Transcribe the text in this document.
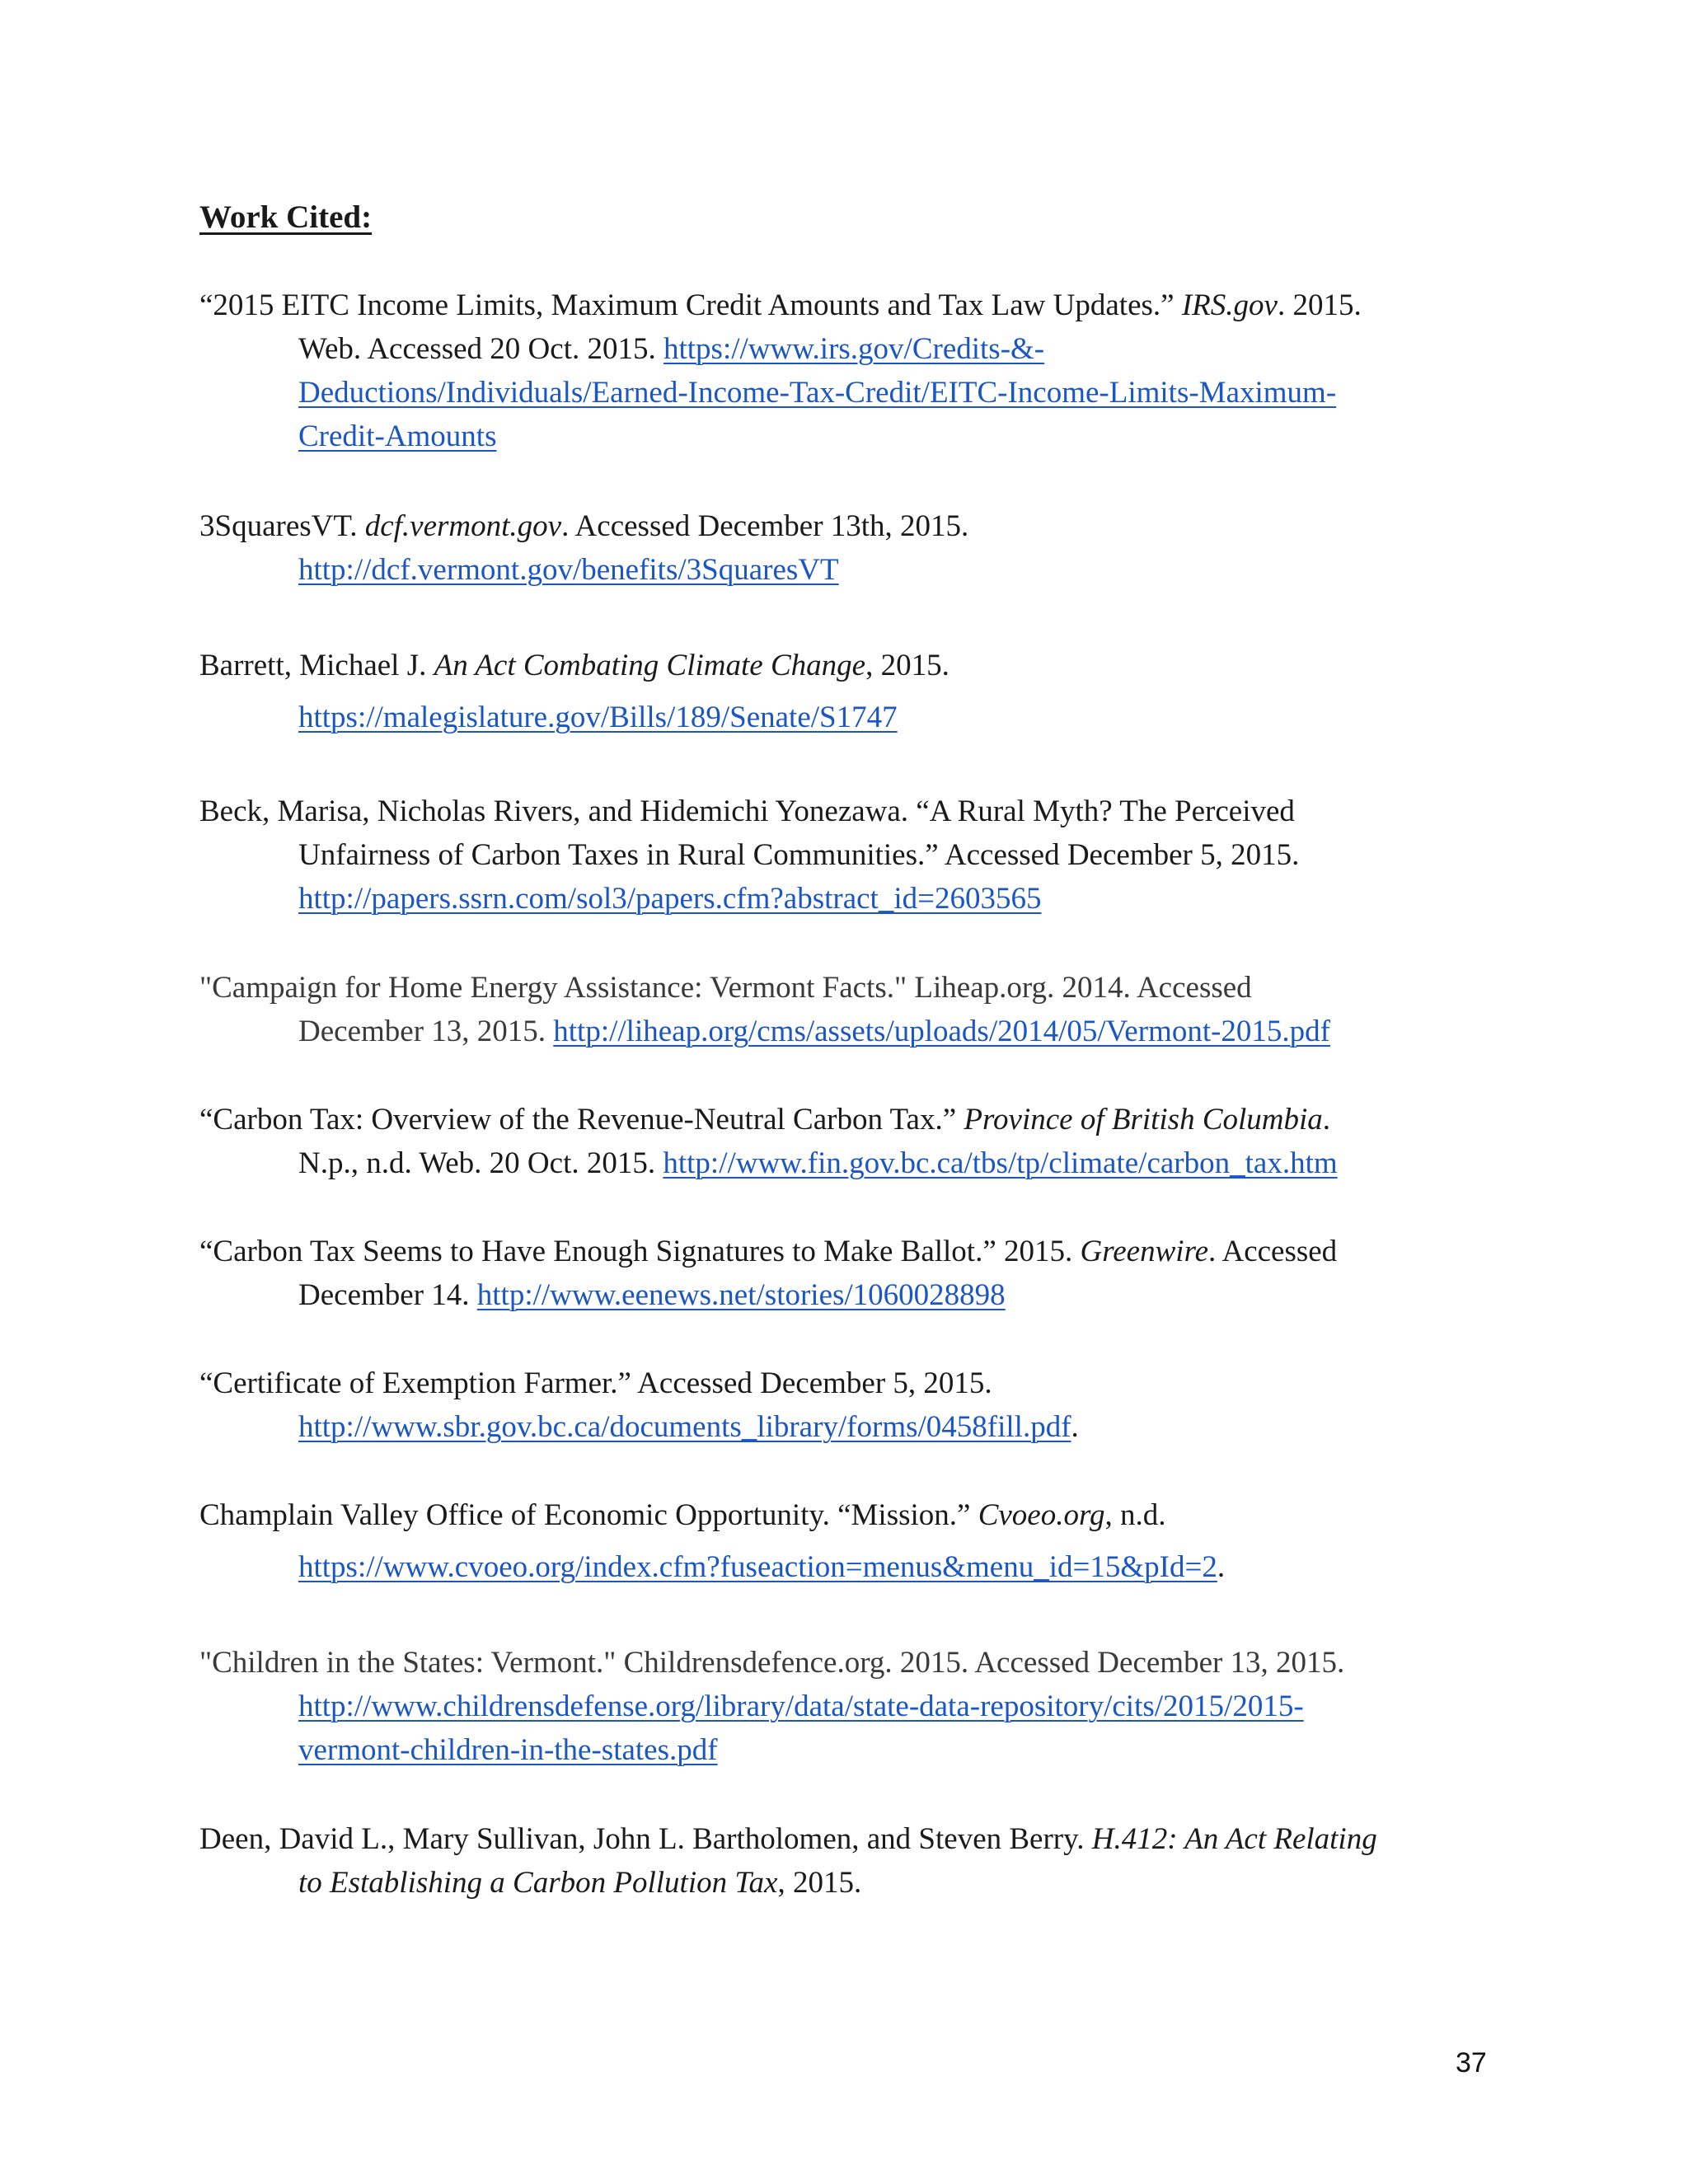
Work Cited:
“2015 EITC Income Limits, Maximum Credit Amounts and Tax Law Updates.” IRS.gov. 2015.
Web. Accessed 20 Oct. 2015. https://www.irs.gov/Credits-&-
Deductions/Individuals/Earned-Income-Tax-Credit/EITC-Income-Limits-Maximum-
Credit-Amounts
3SquaresVT. dcf.vermont.gov. Accessed December 13th, 2015.
http://dcf.vermont.gov/benefits/3SquaresVT
Barrett, Michael J. An Act Combating Climate Change, 2015.
https://malegislature.gov/Bills/189/Senate/S1747
Beck, Marisa, Nicholas Rivers, and Hidemichi Yonezawa. “A Rural Myth? The Perceived
Unfairness of Carbon Taxes in Rural Communities.” Accessed December 5, 2015.
http://papers.ssrn.com/sol3/papers.cfm?abstract_id=2603565
"Campaign for Home Energy Assistance: Vermont Facts." Liheap.org. 2014. Accessed
December 13, 2015. http://liheap.org/cms/assets/uploads/2014/05/Vermont-2015.pdf
“Carbon Tax: Overview of the Revenue-Neutral Carbon Tax.” Province of British Columbia.
N.p., n.d. Web. 20 Oct. 2015. http://www.fin.gov.bc.ca/tbs/tp/climate/carbon_tax.htm
“Carbon Tax Seems to Have Enough Signatures to Make Ballot.” 2015. Greenwire. Accessed
December 14. http://www.eenews.net/stories/1060028898
“Certificate of Exemption Farmer.” Accessed December 5, 2015.
http://www.sbr.gov.bc.ca/documents_library/forms/0458fill.pdf.
Champlain Valley Office of Economic Opportunity. “Mission.” Cvoeo.org, n.d.
https://www.cvoeo.org/index.cfm?fuseaction=menus&menu_id=15&pId=2.
"Children in the States: Vermont." Childrensdefence.org. 2015. Accessed December 13, 2015.
http://www.childrensdefense.org/library/data/state-data-repository/cits/2015/2015-
vermont-children-in-the-states.pdf
Deen, David L., Mary Sullivan, John L. Bartholomen, and Steven Berry. H.412: An Act Relating
to Establishing a Carbon Pollution Tax, 2015.
37
